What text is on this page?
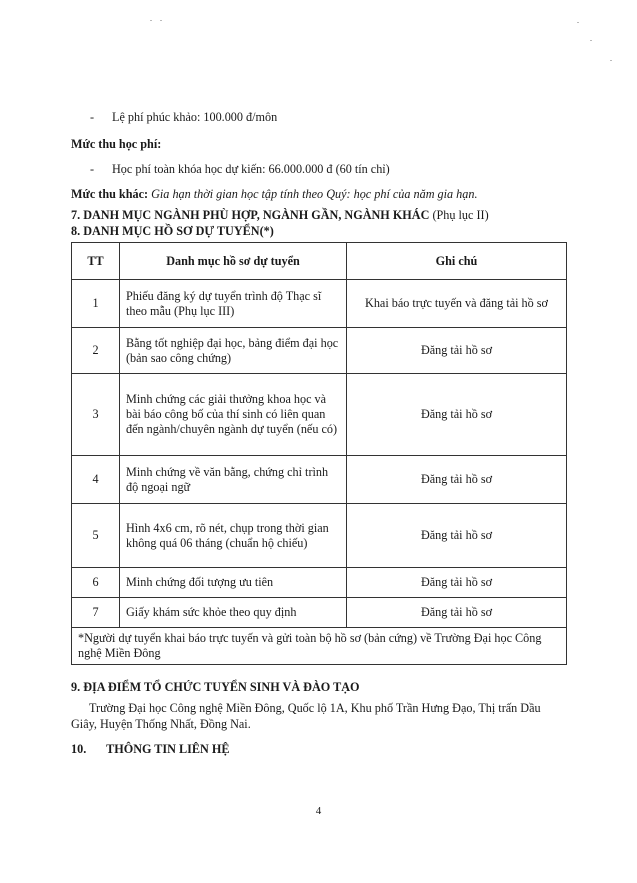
- Lệ phí phúc khảo: 100.000 đ/môn
Mức thu học phí:
- Học phí toàn khóa học dự kiến: 66.000.000 đ (60 tín chỉ)
Mức thu khác: Gia hạn thời gian học tập tính theo Quý: học phí của năm gia hạn.
7. DANH MỤC NGÀNH PHÙ HỢP, NGÀNH GẦN, NGÀNH KHÁC (Phụ lục II)
8. DANH MỤC HỒ SƠ DỰ TUYỂN(*)
TT	Danh mục hồ sơ dự tuyển	Ghi chú
1	Phiếu đăng ký dự tuyển trình độ Thạc sĩ theo mẫu (Phụ lục III)	Khai báo trực tuyến và đăng tải hồ sơ
2	Bằng tốt nghiệp đại học, bảng điểm đại học (bản sao công chứng)	Đăng tải hồ sơ
3	Minh chứng các giải thưởng khoa học và bài báo công bố của thí sinh có liên quan đến ngành/chuyên ngành dự tuyển (nếu có)	Đăng tải hồ sơ
4	Minh chứng về văn bằng, chứng chỉ trình độ ngoại ngữ	Đăng tải hồ sơ
5	Hình 4x6 cm, rõ nét, chụp trong thời gian không quá 06 tháng (chuẩn hộ chiếu)	Đăng tải hồ sơ
6	Minh chứng đối tượng ưu tiên	Đăng tải hồ sơ
7	Giấy khám sức khỏe theo quy định	Đăng tải hồ sơ
*Người dự tuyển khai báo trực tuyến và gửi toàn bộ hồ sơ (bản cứng) về Trường Đại học Công nghệ Miền Đông		
9. ĐỊA ĐIỂM TỔ CHỨC TUYỂN SINH VÀ ĐÀO TẠO
Trường Đại học Công nghệ Miền Đông, Quốc lộ 1A, Khu phố Trần Hưng Đạo, Thị trấn Dầu Giây, Huyện Thống Nhất, Đồng Nai.
10. THÔNG TIN LIÊN HỆ
4
